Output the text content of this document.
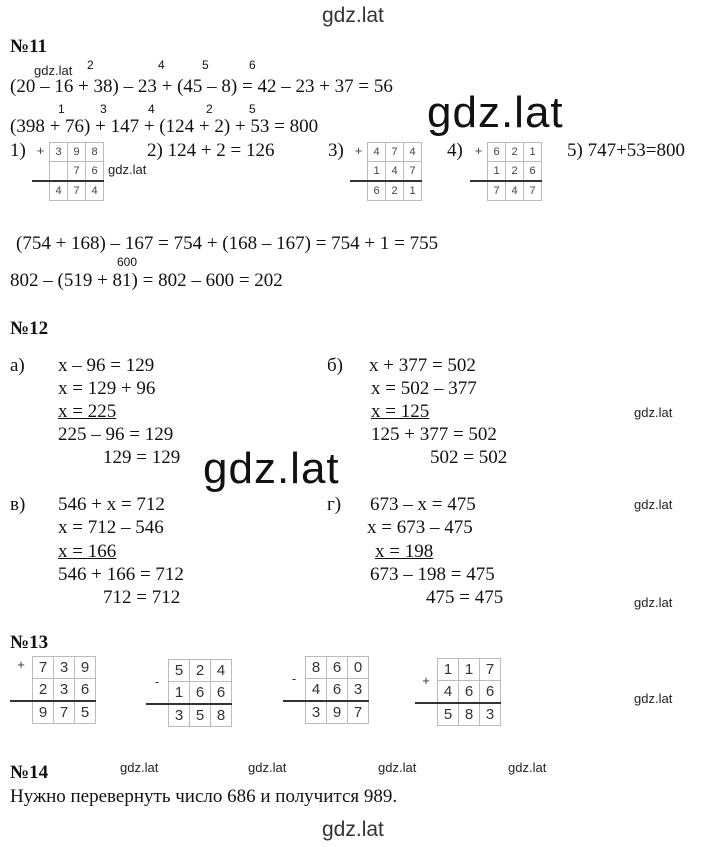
gdz.lat
gdz.lat
gdz.lat
gdz.lat
gdz.lat
gdz.lat
gdz.lat
gdz.lat
gdz.lat
gdz.lat	gdz.lat	gdz.lat	gdz.lat
gdz.lat
№11
2	4	5	6
(20 – 16 + 38) – 23 + (45 – 8) = 42 – 23 + 37 = 56
1	3	4	2	5
(398 + 76) + 147 + (124 + 2) + 53 = 800
1) +	3	9	8
		7	6
	4	7	4
2) 124 + 2 = 126	3) +	4	7	4
	1	4	7
	6	2	1
4) +	6	2	1
	1	2	6
	7	4	7
5) 747+53=800
(754 + 168) – 167 = 754 + (168 – 167) = 754 + 1 = 755
600
802 – (519 + 81) = 802 – 600 = 202
№12
а) x – 96 = 129
x = 129 + 96
x = 225
225 – 96 = 129
129 = 129
б) x + 377 = 502
x = 502 – 377
x = 125
125 + 377 = 502
502 = 502
в) 546 + x = 712
x = 712 – 546
x = 166
546 + 166 = 712
712 = 712
г) 673 – x = 475
x = 673 – 475
x = 198
673 – 198 = 475
475 = 475
№13
+	7	3	9
	2	3	6
	9	7	5
-	5	2	4
	1	6	6
	3	5	8
-	8	6	0
	4	6	3
	3	9	7
+	1	1	7
	4	6	6
	5	8	3
№14
Нужно перевернуть число 686 и получится 989.
